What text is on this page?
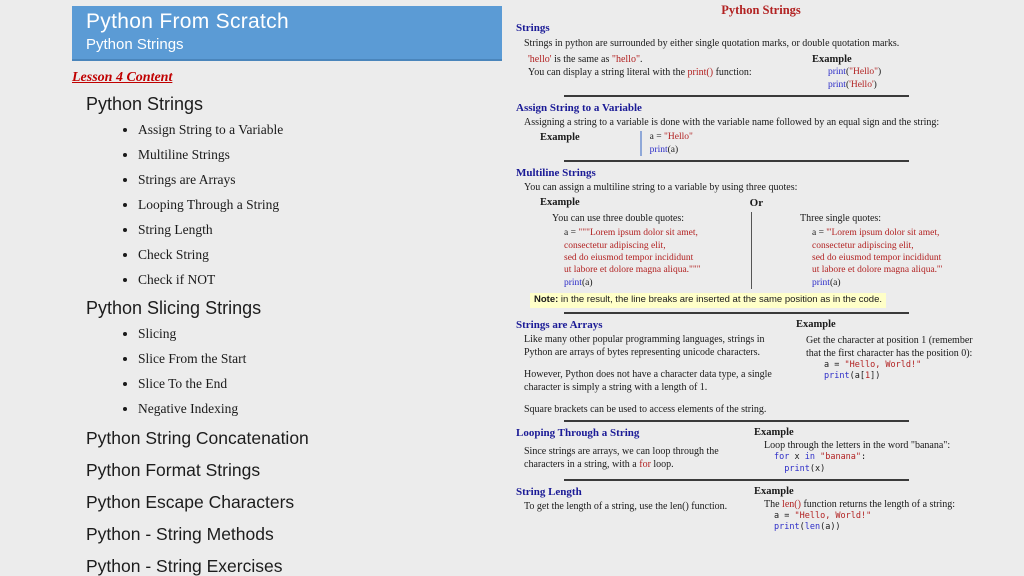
Python From Scratch
Python Strings
Lesson 4 Content
Python Strings
• Assign String to a Variable
• Multiline Strings
• Strings are Arrays
• Looping Through a String
• String Length
• Check String
• Check if NOT
Python Slicing Strings
• Slicing
• Slice From the Start
• Slice To the End
• Negative Indexing
Python String Concatenation
Python Format Strings
Python Escape Characters
Python - String Methods
Python - String Exercises
Python Strings
Strings
Strings in python are surrounded by either single quotation marks, or double quotation marks.
'hello' is the same as "hello".
You can display a string literal with the print() function:
Example
print("Hello")
print('Hello')
Assign String to a Variable
Assigning a string to a variable is done with the variable name followed by an equal sign and the string:
Example	a = "Hello"
print(a)
Multiline Strings
You can assign a multiline string to a variable by using three quotes:
Example	Or
You can use three double quotes:
a = """Lorem ipsum dolor sit amet,
consectetur adipiscing elit,
sed do eiusmod tempor incididunt
ut labore et dolore magna aliqua."""
print(a)
Three single quotes:
a = '''Lorem ipsum dolor sit amet,
consectetur adipiscing elit,
sed do eiusmod tempor incididunt
ut labore et dolore magna aliqua.'''
print(a)
Note: in the result, the line breaks are inserted at the same position as in the code.
Strings are Arrays
Like many other popular programming languages, strings in Python are arrays of bytes representing unicode characters.
However, Python does not have a character data type, a single character is simply a string with a length of 1.
Square brackets can be used to access elements of the string.
Example
Get the character at position 1 (remember that the first character has the position 0):
a = "Hello, World!"
print(a[1])
Looping Through a String
Since strings are arrays, we can loop through the characters in a string, with a for loop.
Example
Loop through the letters in the word "banana":
for x in "banana":
print(x)
String Length
To get the length of a string, use the len() function.
Example
The len() function returns the length of a string:
a = "Hello, World!"
print(len(a))
